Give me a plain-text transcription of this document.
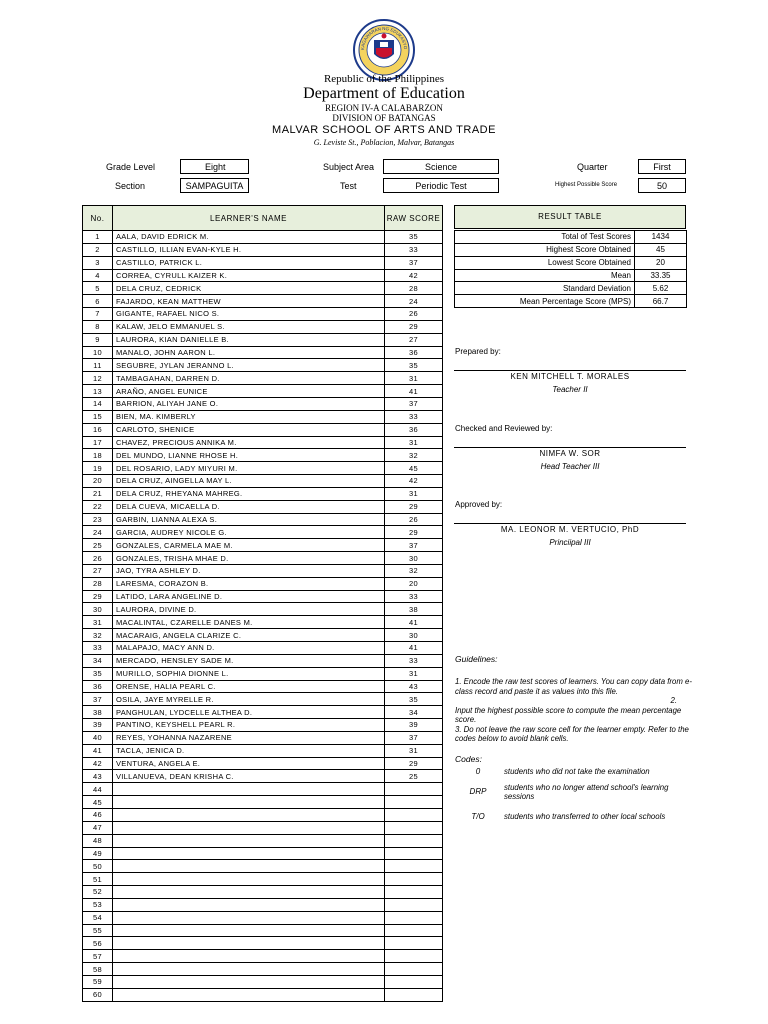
KAGAWARAN NG EDUKASYO
Republic of the Philippines
Department of Education
REGION IV-A CALABARZON
DIVISION OF BATANGAS
MALVAR SCHOOL OF ARTS AND TRADE
G. Leviste St., Poblacion, Malvar, Batangas
Grade Level	Eight	Subject Area	Science	Quarter	First
Section	SAMPAGUITA	Test	Periodic Test	Highest Possible Score	50
No.	LEARNER'S NAME	RAW SCORE
1	AALA, DAVID EDRICK M.	35
2	CASTILLO, ILLIAN EVAN-KYLE H.	33
3	CASTILLO, PATRICK L.	37
4	CORREA, CYRULL KAIZER K.	42
5	DELA CRUZ, CEDRICK	28
6	FAJARDO, KEAN MATTHEW	24
7	GIGANTE, RAFAEL NICO S.	26
8	KALAW, JELO EMMANUEL S.	29
9	LAURORA, KIAN DANIELLE B.	27
10	MANALO, JOHN AARON L.	36
11	SEGUBRE, JYLAN JERANNO L.	35
12	TAMBAGAHAN, DARREN D.	31
13	ARAÑO, ANGEL EUNICE	41
14	BARRION, ALIYAH JANE O.	37
15	BIEN, MA. KIMBERLY	33
16	CARLOTO, SHENICE	36
17	CHAVEZ, PRECIOUS ANNIKA M.	31
18	DEL MUNDO, LIANNE RHOSE H.	32
19	DEL ROSARIO, LADY MIYURI M.	45
20	DELA CRUZ, AINGELLA MAY L.	42
21	DELA CRUZ, RHEYANA MAHREG.	31
22	DELA CUEVA, MICAELLA D.	29
23	GARBIN, LIANNA ALEXA S.	26
24	GARCIA, AUDREY NICOLE G.	29
25	GONZALES, CARMELA MAE M.	37
26	GONZALES, TRISHA MHAE D.	30
27	JAO, TYRA ASHLEY D.	32
28	LARESMA, CORAZON B.	20
29	LATIDO, LARA ANGELINE D.	33
30	LAURORA, DIVINE D.	38
31	MACALINTAL, CZARELLE DANES M.	41
32	MACARAIG, ANGELA CLARIZE C.	30
33	MALAPAJO, MACY ANN D.	41
34	MERCADO, HENSLEY SADE M.	33
35	MURILLO, SOPHIA DIONNE L.	31
36	ORENSE, HALIA PEARL C.	43
37	OSILA, JAYE MYRELLE R.	35
38	PANGHULAN, LYDCELLE ALTHEA D.	34
39	PANTINO, KEYSHELL PEARL R.	39
40	REYES, YOHANNA NAZARENE	37
41	TACLA, JENICA D.	31
42	VENTURA, ANGELA E.	29
43	VILLANUEVA, DEAN KRISHA C.	25
44		
45		
46		
47		
48		
49		
50		
51		
52		
53		
54		
55		
56		
57		
58		
59		
60		
RESULT TABLE
Total of Test Scores	1434
Highest Score Obtained	45
Lowest Score Obtained	20
Mean	33.35
Standard Deviation	5.62
Mean Percentage Score (MPS)	66.7
Prepared by:
KEN MITCHELL T. MORALES
Teacher II
Checked and Reviewed by:
NIMFA W. SOR
Head Teacher III
Approved by:
MA. LEONOR M. VERTUCIO, PhD
Princiipal III
Guidelines:
1. Encode the raw test scores of learners. You can copy data from e-class record and paste it as values into this file.
2.
Input the highest possible score to compute the mean percentage score.
3. Do not leave the raw score cell for the learner empty. Refer to the codes below to avoid blank cells.
Codes:
0	students who did not take the examination
DRP	students who no longer attend school's learning sessions
T/O	students who transferred to other local schools
